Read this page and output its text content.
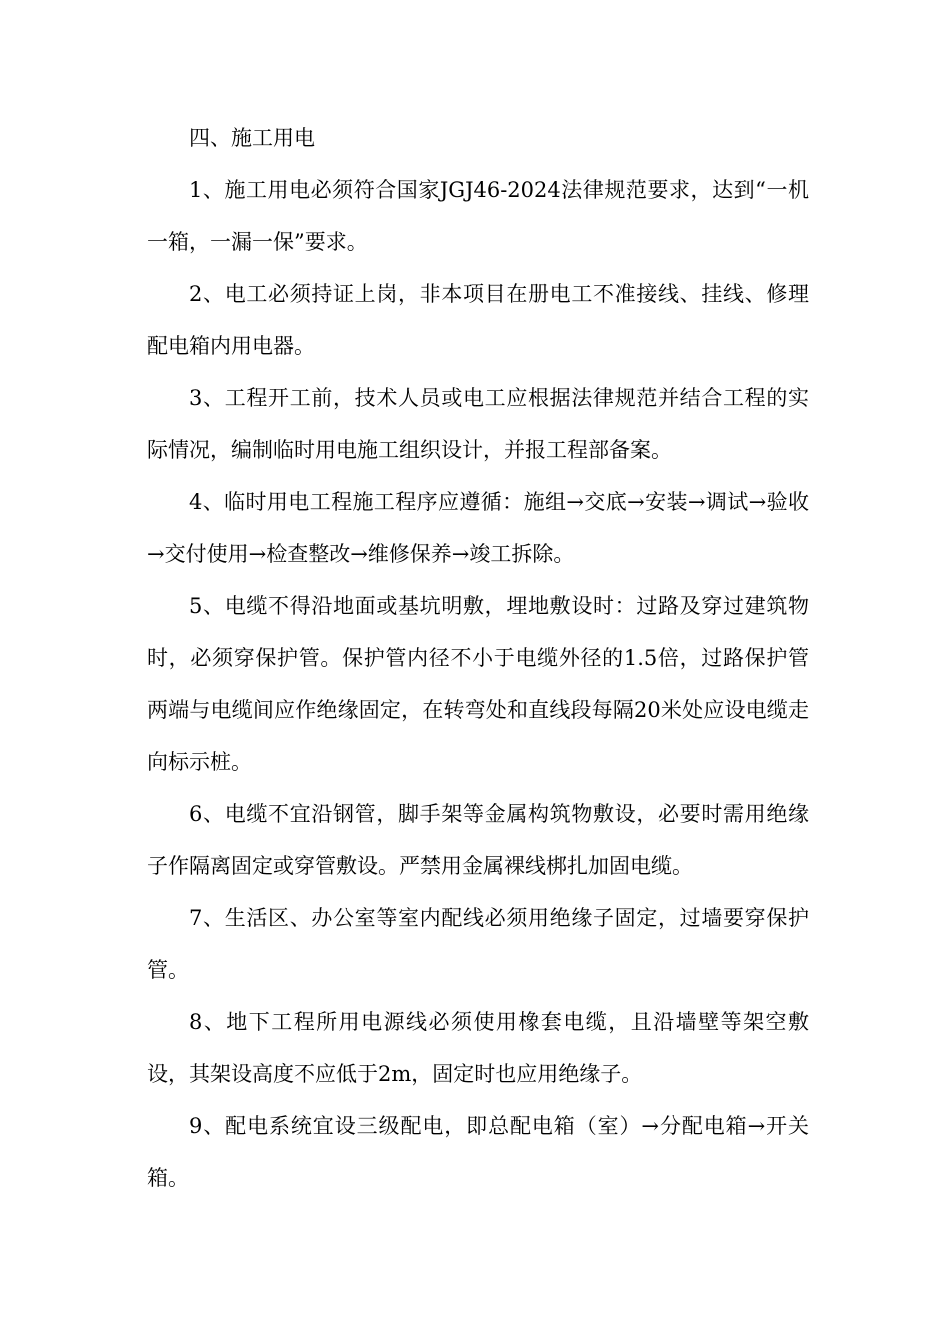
四、施工用电

1、施工用电必须符合国家JGJ46-2024法律规范要求，达到“一机一箱，一漏一保”要求。

2、电工必须持证上岗，非本项目在册电工不准接线、挂线、修理配电箱内用电器。

3、工程开工前，技术人员或电工应根据法律规范并结合工程的实际情况，编制临时用电施工组织设计，并报工程部备案。

4、临时用电工程施工程序应遵循：施组→交底→安装→调试→验收→交付使用→检查整改→维修保养→竣工拆除。

5、电缆不得沿地面或基坑明敷，埋地敷设时：过路及穿过建筑物时，必须穿保护管。保护管内径不小于电缆外径的1.5倍，过路保护管两端与电缆间应作绝缘固定，在转弯处和直线段每隔20米处应设电缆走向标示桩。

6、电缆不宜沿钢管，脚手架等金属构筑物敷设，必要时需用绝缘子作隔离固定或穿管敷设。严禁用金属裸线梆扎加固电缆。

7、生活区、办公室等室内配线必须用绝缘子固定，过墙要穿保护管。

8、地下工程所用电源线必须使用橡套电缆，且沿墙壁等架空敷设，其架设高度不应低于2m，固定时也应用绝缘子。

9、配电系统宜设三级配电，即总配电箱（室）→分配电箱→开关箱。
